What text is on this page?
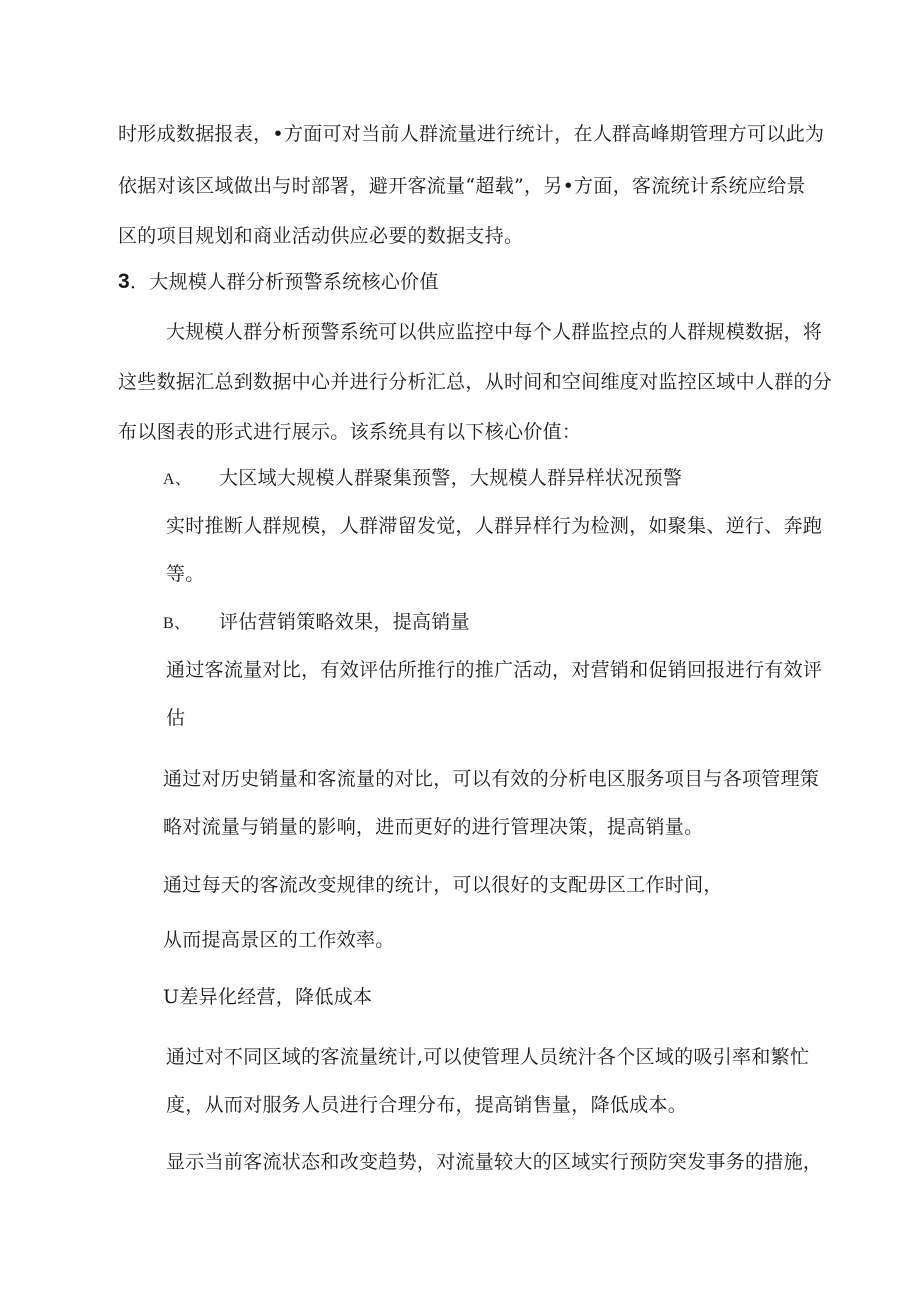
时形成数据报表，•方面可对当前人群流量进行统计，在人群高峰期管理方可以此为
依据对该区域做出与时部署，避开客流量“超载”，另•方面，客流统计系统应给景
区的项目规划和商业活动供应必要的数据支持。
3．大规模人群分析预警系统核心价值
大规模人群分析预警系统可以供应监控中每个人群监控点的人群规模数据，将
这些数据汇总到数据中心并进行分析汇总，从时间和空间维度对监控区域中人群的分
布以图表的形式进行展示。该系统具有以下核心价值：
A、 大区域大规模人群聚集预警，大规模人群异样状况预警
实时推断人群规模，人群滞留发觉，人群异样行为检测，如聚集、逆行、奔跑
等。
B、 评估营销策略效果，提高销量
通过客流量对比，有效评估所推行的推广活动，对营销和促销回报进行有效评
估
通过对历史销量和客流量的对比，可以有效的分析电区服务项目与各项管理策
略对流量与销量的影响，进而更好的进行管理决策，提高销量。
通过每天的客流改变规律的统计，可以很好的支配毋区工作时间，
从而提高景区的工作效率。
U差异化经营，降低成本
通过对不同区域的客流量统计,可以使管理人员统汁各个区域的吸引率和繁忙
度，从而对服务人员进行合理分布，提高销售量，降低成本。
显示当前客流状态和改变趋势，对流量较大的区域实行预防突发事务的措施，
